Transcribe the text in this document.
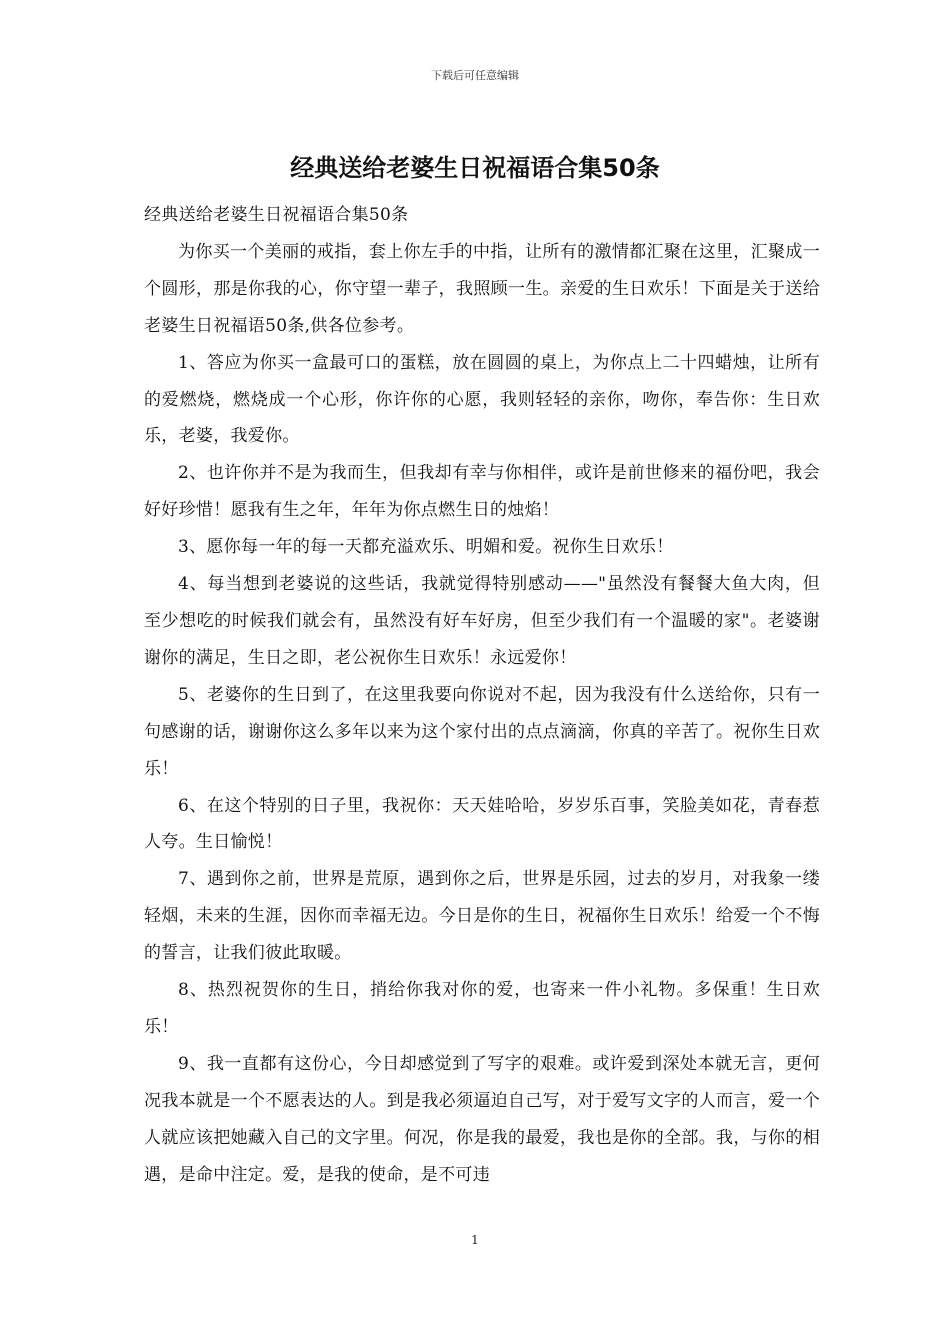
下载后可任意编辑
经典送给老婆生日祝福语合集50条

经典送给老婆生日祝福语合集50条

为你买一个美丽的戒指，套上你左手的中指，让所有的激情都汇聚在这里，汇聚成一个圆形，那是你我的心，你守望一辈子，我照顾一生。亲爱的生日欢乐！下面是关于送给老婆生日祝福语50条,供各位参考。

1、答应为你买一盒最可口的蛋糕，放在圆圆的桌上，为你点上二十四蜡烛，让所有的爱燃烧，燃烧成一个心形，你许你的心愿，我则轻轻的亲你，吻你，奉告你：生日欢乐，老婆，我爱你。

2、也许你并不是为我而生，但我却有幸与你相伴，或许是前世修来的福份吧，我会好好珍惜！愿我有生之年，年年为你点燃生日的烛焰！

3、愿你每一年的每一天都充溢欢乐、明媚和爱。祝你生日欢乐！

4、每当想到老婆说的这些话，我就觉得特别感动——"虽然没有餐餐大鱼大肉，但至少想吃的时候我们就会有，虽然没有好车好房，但至少我们有一个温暖的家"。老婆谢谢你的满足，生日之即，老公祝你生日欢乐！永远爱你！

5、老婆你的生日到了，在这里我要向你说对不起，因为我没有什么送给你，只有一句感谢的话，谢谢你这么多年以来为这个家付出的点点滴滴，你真的辛苦了。祝你生日欢乐！

6、在这个特别的日子里，我祝你：天天娃哈哈，岁岁乐百事，笑脸美如花，青春惹人夸。生日愉悦！

7、遇到你之前，世界是荒原，遇到你之后，世界是乐园，过去的岁月，对我象一缕轻烟，未来的生涯，因你而幸福无边。今日是你的生日，祝福你生日欢乐！给爱一个不悔的誓言，让我们彼此取暖。

8、热烈祝贺你的生日，捎给你我对你的爱，也寄来一件小礼物。多保重！生日欢乐！

9、我一直都有这份心，今日却感觉到了写字的艰难。或许爱到深处本就无言，更何况我本就是一个不愿表达的人。到是我必须逼迫自己写，对于爱写文字的人而言，爱一个人就应该把她藏入自己的文字里。何况，你是我的最爱，我也是你的全部。我，与你的相遇，是命中注定。爱，是我的使命，是不可违

1
